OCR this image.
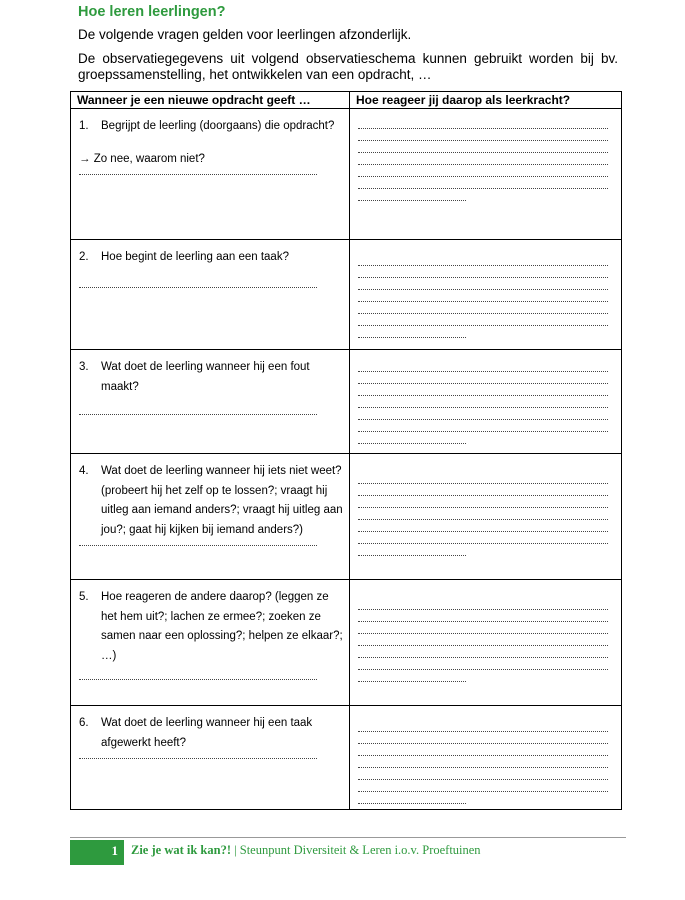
Hoe leren leerlingen?
De volgende vragen gelden voor leerlingen afzonderlijk.
De observatiegegevens uit volgend observatieschema kunnen gebruikt worden bij bv. groepssamenstelling, het ontwikkelen van een opdracht, …
Wanneer je een nieuwe opdracht geeft …	Hoe reageer jij daarop als leerkracht?

1. Begrijpt de leerling (doorgaans) die opdracht?
→ Zo nee, waarom niet?	

2. Hoe begint de leerling aan een taak?	

3. Wat doet de leerling wanneer hij een fout maakt?	

4. Wat doet de leerling wanneer hij iets niet weet? (probeert hij het zelf op te lossen?; vraagt hij uitleg aan iemand anders?; vraagt hij uitleg aan jou?; gaat hij kijken bij iemand anders?)	

5. Hoe reageren de andere daarop? (leggen ze het hem uit?; lachen ze ermee?; zoeken ze samen naar een oplossing?; helpen ze elkaar?; …)	

6. Wat doet de leerling wanneer hij een taak afgewerkt heeft?	

1 Zie je wat ik kan?! | Steunpunt Diversiteit & Leren i.o.v. Proeftuinen
